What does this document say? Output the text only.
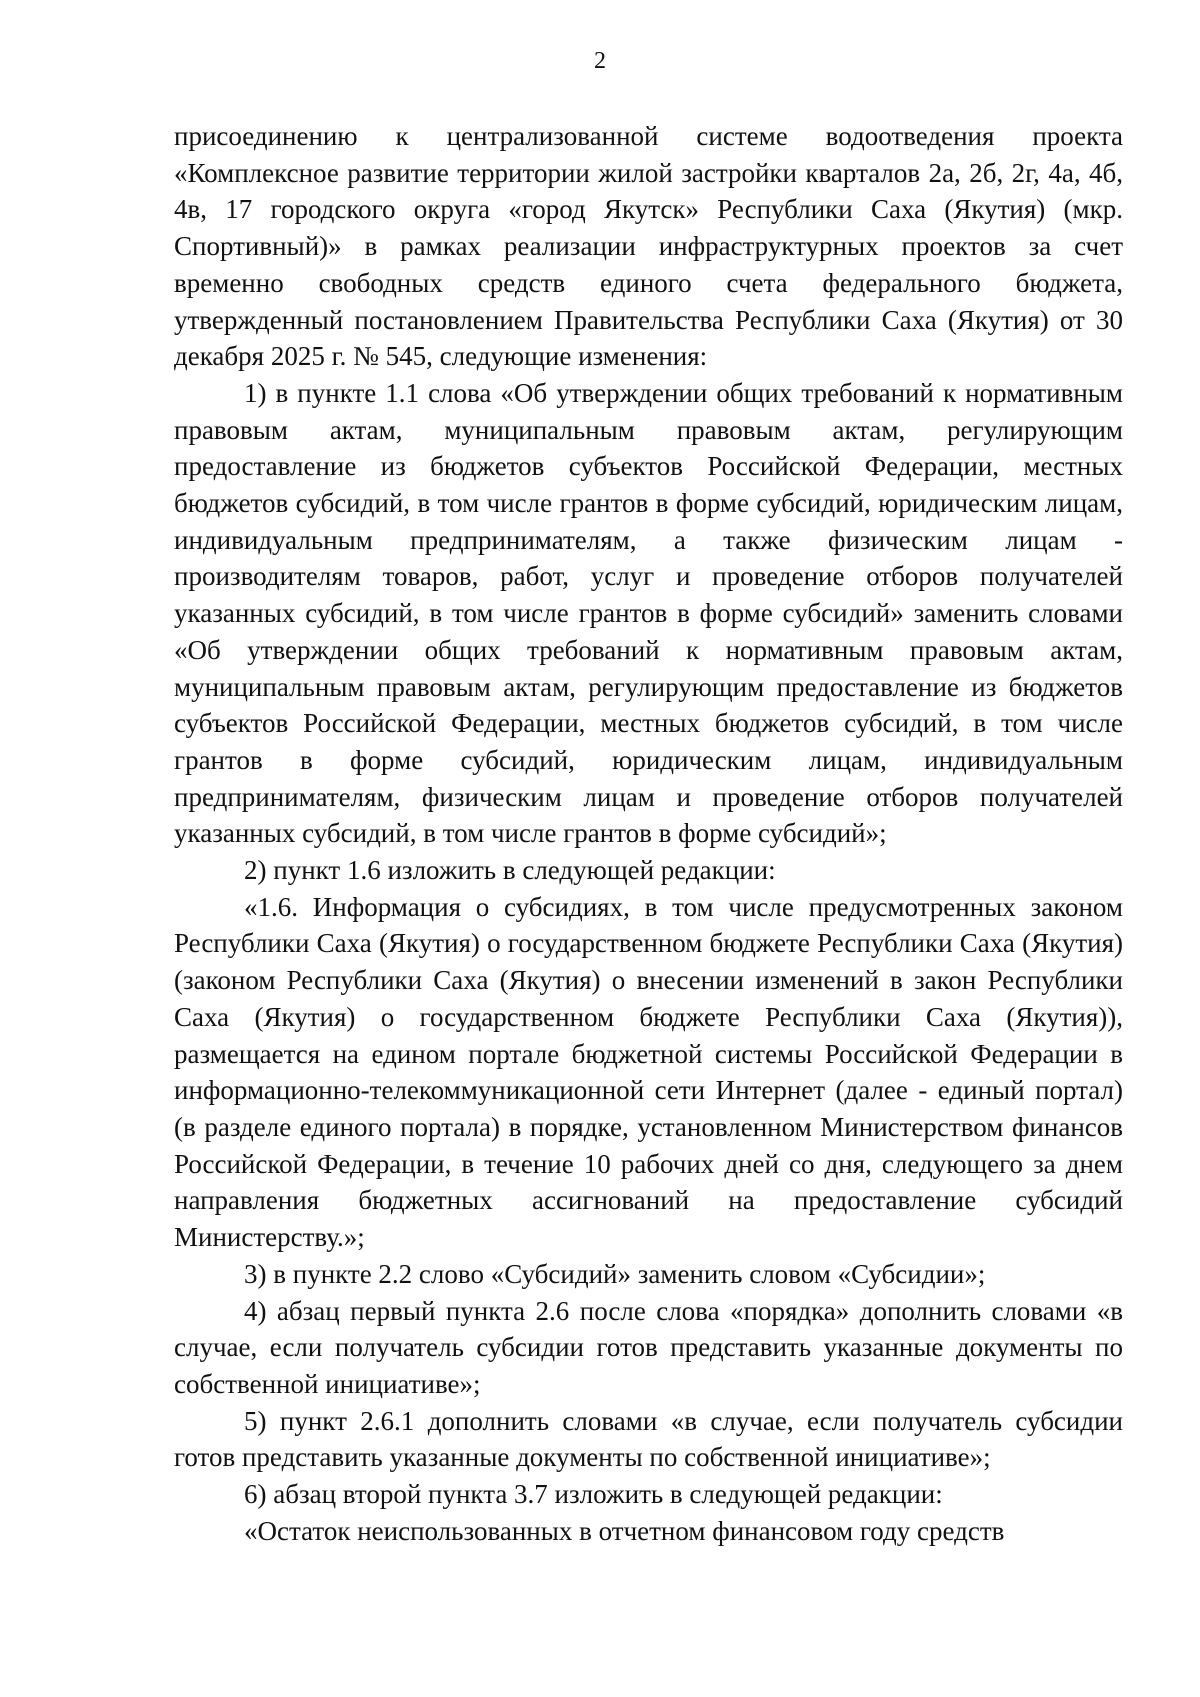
2

присоединению к централизованной системе водоотведения проекта «Комплексное развитие территории жилой застройки кварталов 2а, 2б, 2г, 4а, 4б, 4в, 17 городского округа «город Якутск» Республики Саха (Якутия) (мкр. Спортивный)» в рамках реализации инфраструктурных проектов за счет временно свободных средств единого счета федерального бюджета, утвержденный постановлением Правительства Республики Саха (Якутия) от 30 декабря 2025 г. № 545, следующие изменения:

1) в пункте 1.1 слова «Об утверждении общих требований к нормативным правовым актам, муниципальным правовым актам, регулирующим предоставление из бюджетов субъектов Российской Федерации, местных бюджетов субсидий, в том числе грантов в форме субсидий, юридическим лицам, индивидуальным предпринимателям, а также физическим лицам - производителям товаров, работ, услуг и проведение отборов получателей указанных субсидий, в том числе грантов в форме субсидий» заменить словами «Об утверждении общих требований к нормативным правовым актам, муниципальным правовым актам, регулирующим предоставление из бюджетов субъектов Российской Федерации, местных бюджетов субсидий, в том числе грантов в форме субсидий, юридическим лицам, индивидуальным предпринимателям, физическим лицам и проведение отборов получателей указанных субсидий, в том числе грантов в форме субсидий»;

2) пункт 1.6 изложить в следующей редакции:

«1.6. Информация о субсидиях, в том числе предусмотренных законом Республики Саха (Якутия) о государственном бюджете Республики Саха (Якутия) (законом Республики Саха (Якутия) о внесении изменений в закон Республики Саха (Якутия) о государственном бюджете Республики Саха (Якутия)), размещается на едином портале бюджетной системы Российской Федерации в информационно-телекоммуникационной сети Интернет (далее - единый портал) (в разделе единого портала) в порядке, установленном Министерством финансов Российской Федерации, в течение 10 рабочих дней со дня, следующего за днем направления бюджетных ассигнований на предоставление субсидий Министерству.»;

3) в пункте 2.2 слово «Субсидий» заменить словом «Субсидии»;

4) абзац первый пункта 2.6 после слова «порядка» дополнить словами «в случае, если получатель субсидии готов представить указанные документы по собственной инициативе»;

5) пункт 2.6.1 дополнить словами «в случае, если получатель субсидии готов представить указанные документы по собственной инициативе»;

6) абзац второй пункта 3.7 изложить в следующей редакции:

«Остаток неиспользованных в отчетном финансовом году средств
